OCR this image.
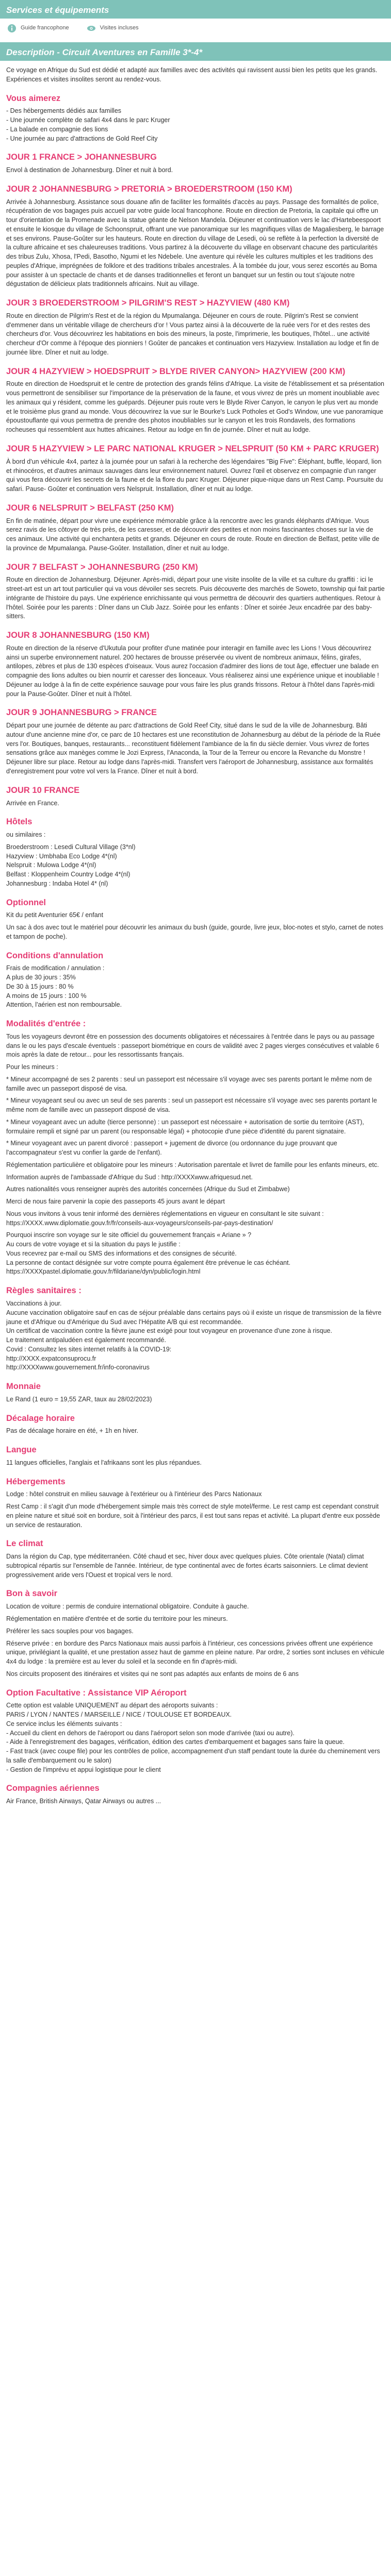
Services et équipements
Guide francophone	Visites incluses
Description - Circuit Aventures en Famille 3*-4*

Ce voyage en Afrique du Sud est dédié et adapté aux familles avec des activités qui ravissent aussi bien les petits que les grands. Expériences et visites insolites seront au rendez-vous.

Vous aimerez

- Des hébergements dédiés aux familles

- Une journée complète de safari 4x4 dans le parc Kruger

- La balade en compagnie des lions

- Une journée au parc d'attractions de Gold Reef City

JOUR 1 FRANCE > JOHANNESBURG

Envol à destination de Johannesburg. Dîner et nuit à bord.

JOUR 2 JOHANNESBURG > PRETORIA > BROEDERSTROOM (150 KM)

Arrivée à Johannesburg. Assistance sous douane afin de faciliter les formalités d'accès au pays. Passage des formalités de police, récupération de vos bagages puis accueil par votre guide local francophone. Route en direction de Pretoria, la capitale qui offre un tour d'orientation de la Promenade avec la statue géante de Nelson Mandela. Déjeuner et continuation vers le lac d'Hartebeespoort et ensuite le kiosque du village de Schoonspruit, offrant une vue panoramique sur les magnifiques villas de Magaliesberg, le barrage et ses environs. Pause-Goûter sur les hauteurs. Route en direction du village de Lesedi, où se reflète à la perfection la diversité de la culture africaine et ses chaleureuses traditions. Vous partirez à la découverte du village en observant chacune des particularités des tribus Zulu, Xhosa, l'Pedi, Basotho, Ngumi et les Ndebele. Une aventure qui révèle les cultures multiples et les traditions des peuples d'Afrique, imprégnées de folklore et des traditions tribales ancestrales. À la tombée du jour, vous serez escortés au Boma pour assister à un spectacle de chants et de danses traditionnelles et feront un banquet sur un festin ou tout s'ajoute notre dégustation de délicieux plats traditionnels africains. Nuit au village.

JOUR 3 BROEDERSTROOM > PILGRIM'S REST > HAZYVIEW (480 KM)

Route en direction de Pilgrim's Rest et de la région du Mpumalanga. Déjeuner en cours de route. Pilgrim's Rest se convient d'emmener dans un véritable village de chercheurs d'or ! Vous partez ainsi à la découverte de la ruée vers l'or et des restes des chercheurs d'or. Vous découvrirez les habitations en bois des mineurs, la poste, l'imprimerie, les boutiques, l'hôtel... une activité chercheur d'Or comme à l'époque des pionniers ! Goûter de pancakes et continuation vers Hazyview. Installation au lodge et fin de journée libre. Dîner et nuit au lodge.

JOUR 4 HAZYVIEW > HOEDSPRUIT > BLYDE RIVER CANYON> HAZYVIEW (200 KM)

Route en direction de Hoedspruit et le centre de protection des grands félins d'Afrique. La visite de l'établissement et sa présentation vous permettront de sensibiliser sur l'importance de la préservation de la faune, et vous vivrez de près un moment inoubliable avec les animaux qui y résident, comme les guépards. Déjeuner puis route vers le Blyde River Canyon, le canyon le plus vert au monde et le troisième plus grand au monde. Vous découvrirez la vue sur le Bourke's Luck Potholes et God's Window, une vue panoramique époustouflante qui vous permettra de prendre des photos inoubliables sur le canyon et les trois Rondavels, des formations rocheuses qui ressemblent aux huttes africaines. Retour au lodge en fin de journée. Dîner et nuit au lodge.

JOUR 5 HAZYVIEW > LE PARC NATIONAL KRUGER > NELSPRUIT (50 KM + PARC KRUGER)

À bord d'un véhicule 4x4, partez à la journée pour un safari à la recherche des légendaires "Big Five": Éléphant, buffle, léopard, lion et rhinocéros, et d'autres animaux sauvages dans leur environnement naturel. Ouvrez l'œil et observez en compagnie d'un ranger qui vous fera découvrir les secrets de la faune et de la flore du parc Kruger. Déjeuner pique-nique dans un Rest Camp. Poursuite du safari. Pause- Goûter et continuation vers Nelspruit. Installation, dîner et nuit au lodge.

JOUR 6 NELSPRUIT > BELFAST (250 KM)

En fin de matinée, départ pour vivre une expérience mémorable grâce à la rencontre avec les grands éléphants d'Afrique. Vous serez ravis de les côtoyer de très près, de les caresser, et de découvrir des petites et non moins fascinantes choses sur la vie de ces animaux. Une activité qui enchantera petits et grands. Déjeuner en cours de route. Route en direction de Belfast, petite ville de la province de Mpumalanga. Pause-Goûter. Installation, dîner et nuit au lodge.

JOUR 7 BELFAST > JOHANNESBURG (250 KM)

Route en direction de Johannesburg. Déjeuner. Après-midi, départ pour une visite insolite de la ville et sa culture du graffiti : ici le street-art est un art tout particulier qui va vous dévoiler ses secrets. Puis découverte des marchés de Soweto, township qui fait partie intégrante de l'histoire du pays. Une expérience enrichissante qui vous permettra de découvrir des quartiers authentiques. Retour à l'hôtel. Soirée pour les parents : Dîner dans un Club Jazz. Soirée pour les enfants : Dîner et soirée Jeux encadrée par des baby-sitters.

JOUR 8 JOHANNESBURG (150 KM)

Route en direction de la réserve d'Ukutula pour profiter d'une matinée pour interagir en famille avec les Lions ! Vous découvrirez ainsi un superbe environnement naturel. 200 hectares de brousse préservée ou vivent de nombreux animaux, félins, girafes, antilopes, zèbres et plus de 130 espèces d'oiseaux. Vous aurez l'occasion d'admirer des lions de tout âge, effectuer une balade en compagnie des lions adultes ou bien nourrir et caresser des lionceaux. Vous réaliserez ainsi une expérience unique et inoubliable ! Déjeuner au lodge à la fin de cette expérience sauvage pour vous faire les plus grands frissons. Retour à l'hôtel dans l'après-midi pour la Pause-Goûter. Dîner et nuit à l'hôtel.

JOUR 9 JOHANNESBURG > FRANCE

Départ pour une journée de détente au parc d'attractions de Gold Reef City, situé dans le sud de la ville de Johannesburg. Bâti autour d'une ancienne mine d'or, ce parc de 10 hectares est une reconstitution de Johannesburg au début de la période de la Ruée vers l'or. Boutiques, banques, restaurants... reconstituent fidèlement l'ambiance de la fin du siècle dernier. Vous vivrez de fortes sensations grâce aux manèges comme le Jozi Express, l'Anaconda, la Tour de la Terreur ou encore la Revanche du Monstre ! Déjeuner libre sur place. Retour au lodge dans l'après-midi. Transfert vers l'aéroport de Johannesburg, assistance aux formalités d'enregistrement pour votre vol vers la France. Dîner et nuit à bord.

JOUR 10 FRANCE

Arrivée en France.

Hôtels

ou similaires :

Broederstroom : Lesedi Cultural Village (3*nl)

Hazyview : Umbhaba Eco Lodge 4*(nl)

Nelspruit : Mulowa Lodge 4*(nl)

Belfast : Kloppenheim Country Lodge 4*(nl)

Johannesburg : Indaba Hotel 4* (nl)

Optionnel

Kit du petit Aventurier 65€ / enfant

Un sac à dos avec tout le matériel pour découvrir les animaux du bush (guide, gourde, livre jeux, bloc-notes et stylo, carnet de notes et tampon de poche).

Conditions d'annulation

Frais de modification / annulation :

A plus de 30 jours : 35%

De 30 à 15 jours : 80 %

A moins de 15 jours : 100 %

Attention, l'aérien est non remboursable.

Modalités d'entrée :

Tous les voyageurs devront être en possession des documents obligatoires et nécessaires à l'entrée dans le pays ou au passage dans le ou les pays d'escale éventuels : passeport biométrique en cours de validité avec 2 pages vierges consécutives et valable 6 mois après la date de retour... pour les ressortissants français.

Pour les mineurs :

* Mineur accompagné de ses 2 parents : seul un passeport est nécessaire s'il voyage avec ses parents portant le même nom de famille avec un passeport disposé de visa.

* Mineur voyageant seul ou avec un seul de ses parents : seul un passeport est nécessaire s'il voyage avec ses parents portant le même nom de famille avec un passeport disposé de visa.

* Mineur voyageant avec un adulte (tierce personne) : un passeport est nécessaire + autorisation de sortie du territoire (AST), formulaire rempli et signé par un parent (ou responsable légal) + photocopie d'une pièce d'identité du parent signataire.

* Mineur voyageant avec un parent divorcé : passeport + jugement de divorce (ou ordonnance du juge prouvant que l'accompagnateur s'est vu confier la garde de l'enfant).

Réglementation particulière et obligatoire pour les mineurs : Autorisation parentale et livret de famille pour les enfants mineurs, etc.

Information auprès de l'ambassade d'Afrique du Sud : http://XXXXwww.afriquesud.net.

Autres nationalités vous renseigner auprès des autorités concernées (Afrique du Sud et Zimbabwe)

Merci de nous faire parvenir la copie des passeports 45 jours avant le départ

Nous vous invitons à vous tenir informé des dernières réglementations en vigueur en consultant le site suivant : https://XXXX.www.diplomatie.gouv.fr/fr/conseils-aux-voyageurs/conseils-par-pays-destination/

Pourquoi inscrire son voyage sur le site officiel du gouvernement français « Ariane » ?

Au cours de votre voyage et si la situation du pays le justifie :

Vous recevrez par e-mail ou SMS des informations et des consignes de sécurité.

La personne de contact désignée sur votre compte pourra également être prévenue le cas échéant.

https://XXXXpastel.diplomatie.gouv.fr/fildariane/dyn/public/login.html

Règles sanitaires :

Vaccinations à jour.

Aucune vaccination obligatoire sauf en cas de séjour préalable dans certains pays où il existe un risque de transmission de la fièvre jaune et d'Afrique ou d'Amérique du Sud avec l'Hépatite A/B qui est recommandée.

Un certificat de vaccination contre la fièvre jaune est exigé pour tout voyageur en provenance d'une zone à risque.

Le traitement antipaludéen est également recommandé.

Covid : Consultez les sites internet relatifs à la COVID-19:

http://XXXX.expatconsuprocu.fr

http://XXXXwww.gouvernement.fr/info-coronavirus

Monnaie

Le Rand (1 euro = 19,55 ZAR, taux au 28/02/2023)

Décalage horaire

Pas de décalage horaire en été, + 1h en hiver.

Langue

11 langues officielles, l'anglais et l'afrikaans sont les plus répandues.

Hébergements

Lodge : hôtel construit en milieu sauvage à l'extérieur ou à l'intérieur des Parcs Nationaux

Rest Camp : il s'agit d'un mode d'hébergement simple mais très correct de style motel/ferme. Le rest camp est cependant construit en pleine nature et situé soit en bordure, soit à l'intérieur des parcs, il est tout sans repas et activité. La plupart d'entre eux possède un service de restauration.

Le climat

Dans la région du Cap, type méditerranéen. Côté chaud et sec, hiver doux avec quelques pluies. Côte orientale (Natal) climat subtropical répartis sur l'ensemble de l'année. Intérieur, de type continental avec de fortes écarts saisonniers. Le climat devient progressivement aride vers l'Ouest et tropical vers le nord.

Bon à savoir

Location de voiture : permis de conduire international obligatoire. Conduite à gauche.

Réglementation en matière d'entrée et de sortie du territoire pour les mineurs.

Préférer les sacs souples pour vos bagages.

Réserve privée : en bordure des Parcs Nationaux mais aussi parfois à l'intérieur, ces concessions privées offrent une expérience unique, privilégiant la qualité, et une prestation assez haut de gamme en pleine nature. Par ordre, 2 sorties sont incluses en véhicule 4x4 du lodge : la première est au lever du soleil et la seconde en fin d'après-midi.

Nos circuits proposent des itinéraires et visites qui ne sont pas adaptés aux enfants de moins de 6 ans

Option Facultative : Assistance VIP Aéroport

Cette option est valable UNIQUEMENT au départ des aéroports suivants :

PARIS / LYON / NANTES / MARSEILLE / NICE / TOULOUSE ET BORDEAUX.

Ce service inclus les éléments suivants :

- Accueil du client en dehors de l'aéroport ou dans l'aéroport selon son mode d'arrivée (taxi ou autre).

- Aide à l'enregistrement des bagages, vérification, édition des cartes d'embarquement et bagages sans faire la queue.

- Fast track (avec coupe file) pour les contrôles de police, accompagnement d'un staff pendant toute la durée du cheminement vers la salle d'embarquement ou le salon)

- Gestion de l'imprévu et appui logistique pour le client

Compagnies aériennes

Air France, British Airways, Qatar Airways ou autres ...
